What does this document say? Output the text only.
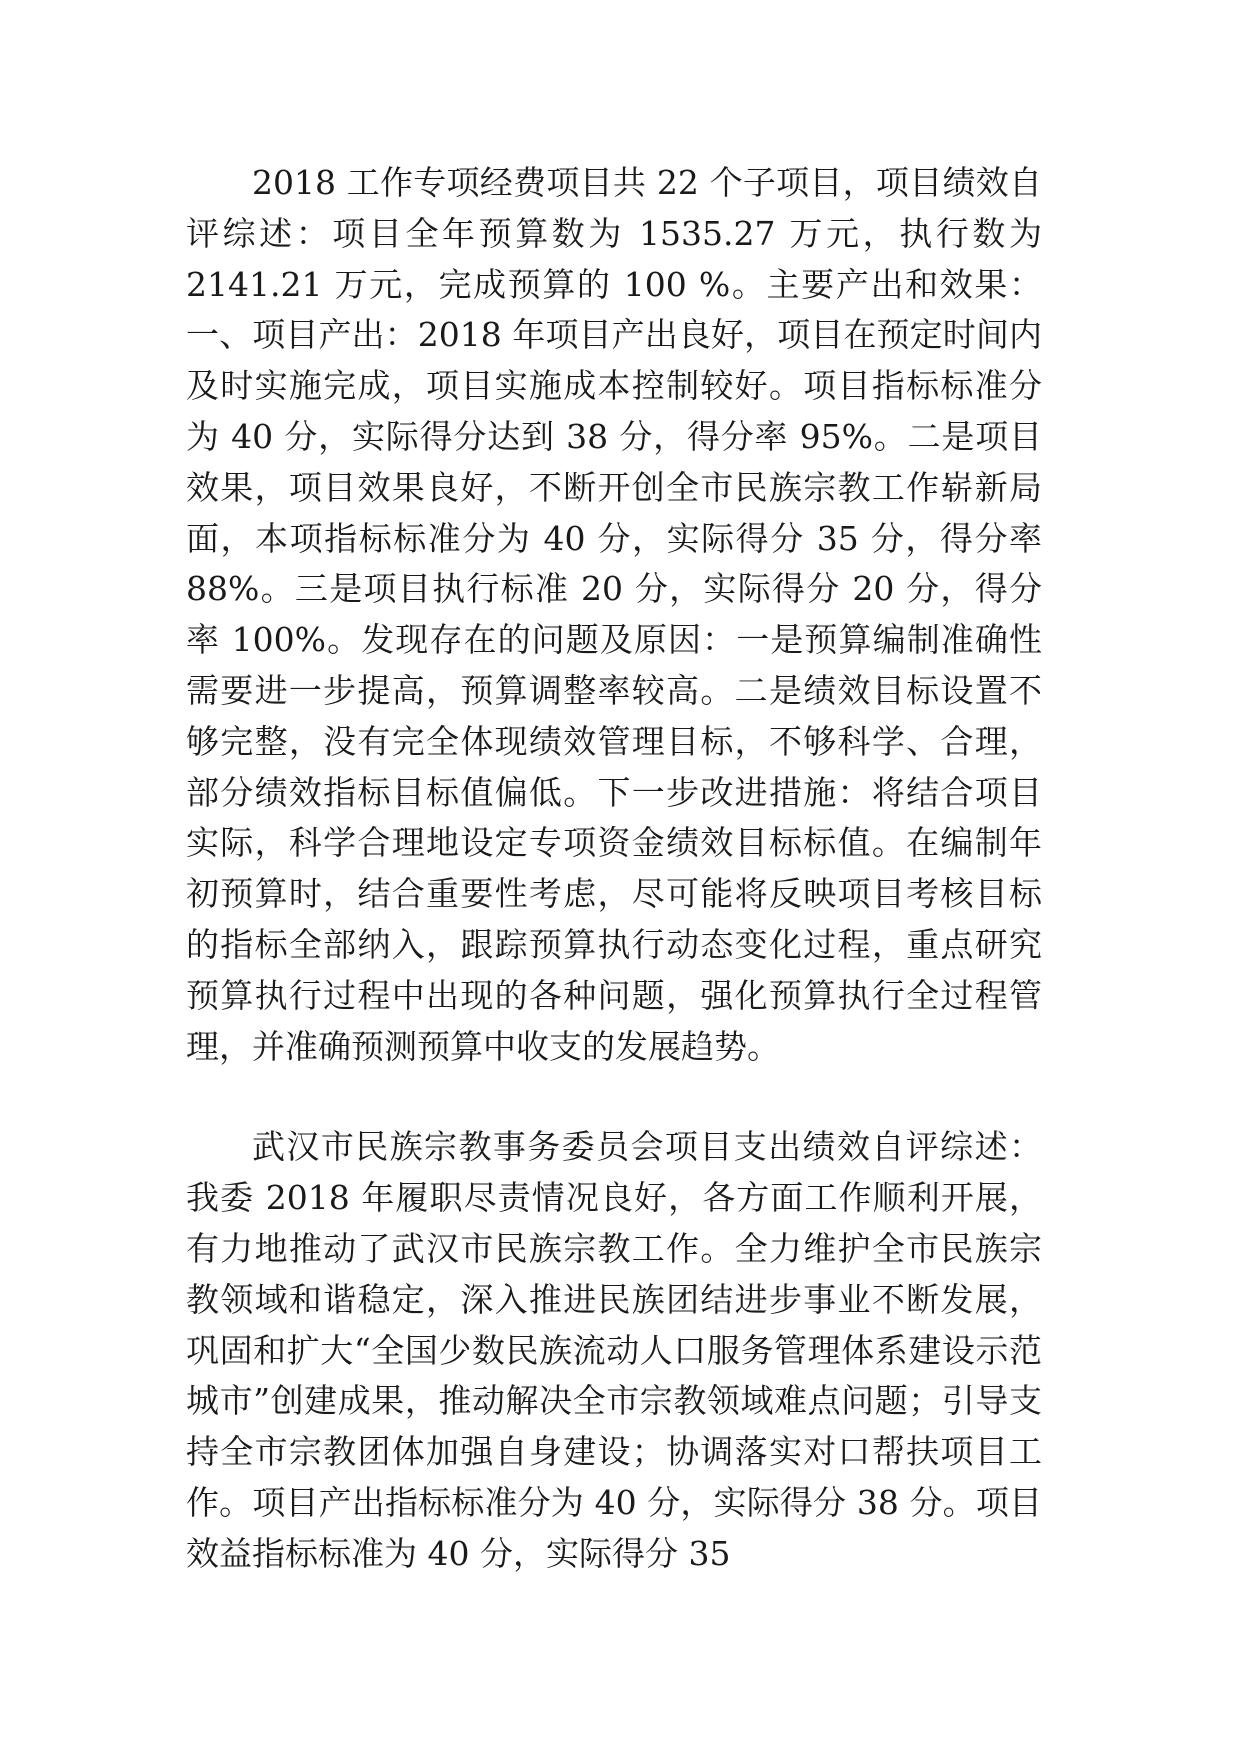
2018 工作专项经费项目共 22 个子项目，项目绩效自评综述：项目全年预算数为 1535.27 万元，执行数为 2141.21 万元，完成预算的 100 %。主要产出和效果：一、项目产出：2018 年项目产出良好，项目在预定时间内及时实施完成，项目实施成本控制较好。项目指标标准分为 40 分，实际得分达到 38 分，得分率 95%。二是项目效果，项目效果良好，不断开创全市民族宗教工作崭新局面，本项指标标准分为 40 分，实际得分 35 分，得分率 88%。三是项目执行标准 20 分，实际得分 20 分，得分率 100%。发现存在的问题及原因：一是预算编制准确性需要进一步提高，预算调整率较高。二是绩效目标设置不够完整，没有完全体现绩效管理目标，不够科学、合理，部分绩效指标目标值偏低。下一步改进措施：将结合项目实际，科学合理地设定专项资金绩效目标标值。在编制年初预算时，结合重要性考虑，尽可能将反映项目考核目标的指标全部纳入，跟踪预算执行动态变化过程，重点研究预算执行过程中出现的各种问题，强化预算执行全过程管理，并准确预测预算中收支的发展趋势。

武汉市民族宗教事务委员会项目支出绩效自评综述：我委 2018 年履职尽责情况良好，各方面工作顺利开展，有力地推动了武汉市民族宗教工作。全力维护全市民族宗教领域和谐稳定，深入推进民族团结进步事业不断发展，巩固和扩大“全国少数民族流动人口服务管理体系建设示范城市”创建成果，推动解决全市宗教领域难点问题；引导支持全市宗教团体加强自身建设；协调落实对口帮扶项目工作。项目产出指标标准分为 40 分，实际得分 38 分。项目效益指标标准为 40 分，实际得分 35
